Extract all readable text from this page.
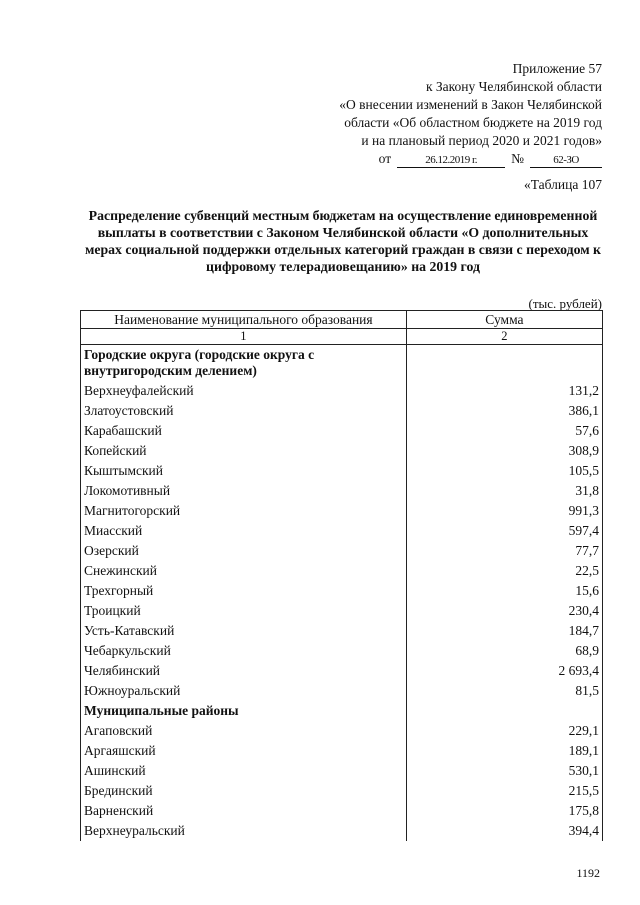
Приложение 57
к Закону Челябинской области
«О внесении изменений в Закон Челябинской
области «Об областном бюджете на 2019 год
и на плановый период 2020 и 2021 годов»
от	26.12.2019 г.	№	62-ЗО
«Таблица 107
Распределение субвенций местным бюджетам на осуществление единовременной выплаты в соответствии с Законом Челябинской области «О дополнительных мерах социальной поддержки отдельных категорий граждан в связи с переходом к цифровому телерадиовещанию» на 2019 год
(тыс. рублей)
Наименование муниципального образования	Сумма
1	2
Городские округа (городские округа с внутригородским делением)	
Верхнеуфалейский	131,2
Златоустовский	386,1
Карабашский	57,6
Копейский	308,9
Кыштымский	105,5
Локомотивный	31,8
Магнитогорский	991,3
Миасский	597,4
Озерский	77,7
Снежинский	22,5
Трехгорный	15,6
Троицкий	230,4
Усть-Катавский	184,7
Чебаркульский	68,9
Челябинский	2 693,4
Южноуральский	81,5
Муниципальные районы	
Агаповский	229,1
Аргаяшский	189,1
Ашинский	530,1
Брединский	215,5
Варненский	175,8
Верхнеуральский	394,4
1192
